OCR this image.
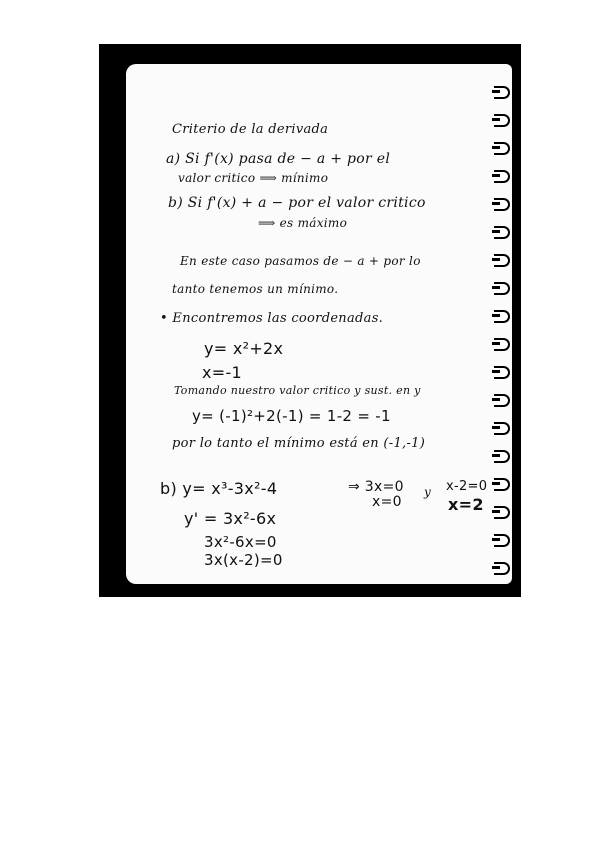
Criterio de la derivada
a) Si f'(x) pasa de − a + por el
valor critico ⟹ mínimo
b) Si f'(x) + a − por el valor critico
⟹ es máximo
En este caso pasamos de − a + por lo
tanto tenemos un mínimo.
• Encontremos las coordenadas.
y= x²+2x
x=-1
Tomando nuestro valor critico y sust. en y
y= (-1)²+2(-1) = 1-2 = -1
por lo tanto el mínimo está en (-1,-1)
b) y= x³-3x²-4
y' = 3x²-6x
3x²-6x=0
3x(x-2)=0
⇒ 3x=0
x=0
y x-2=0
x=2
